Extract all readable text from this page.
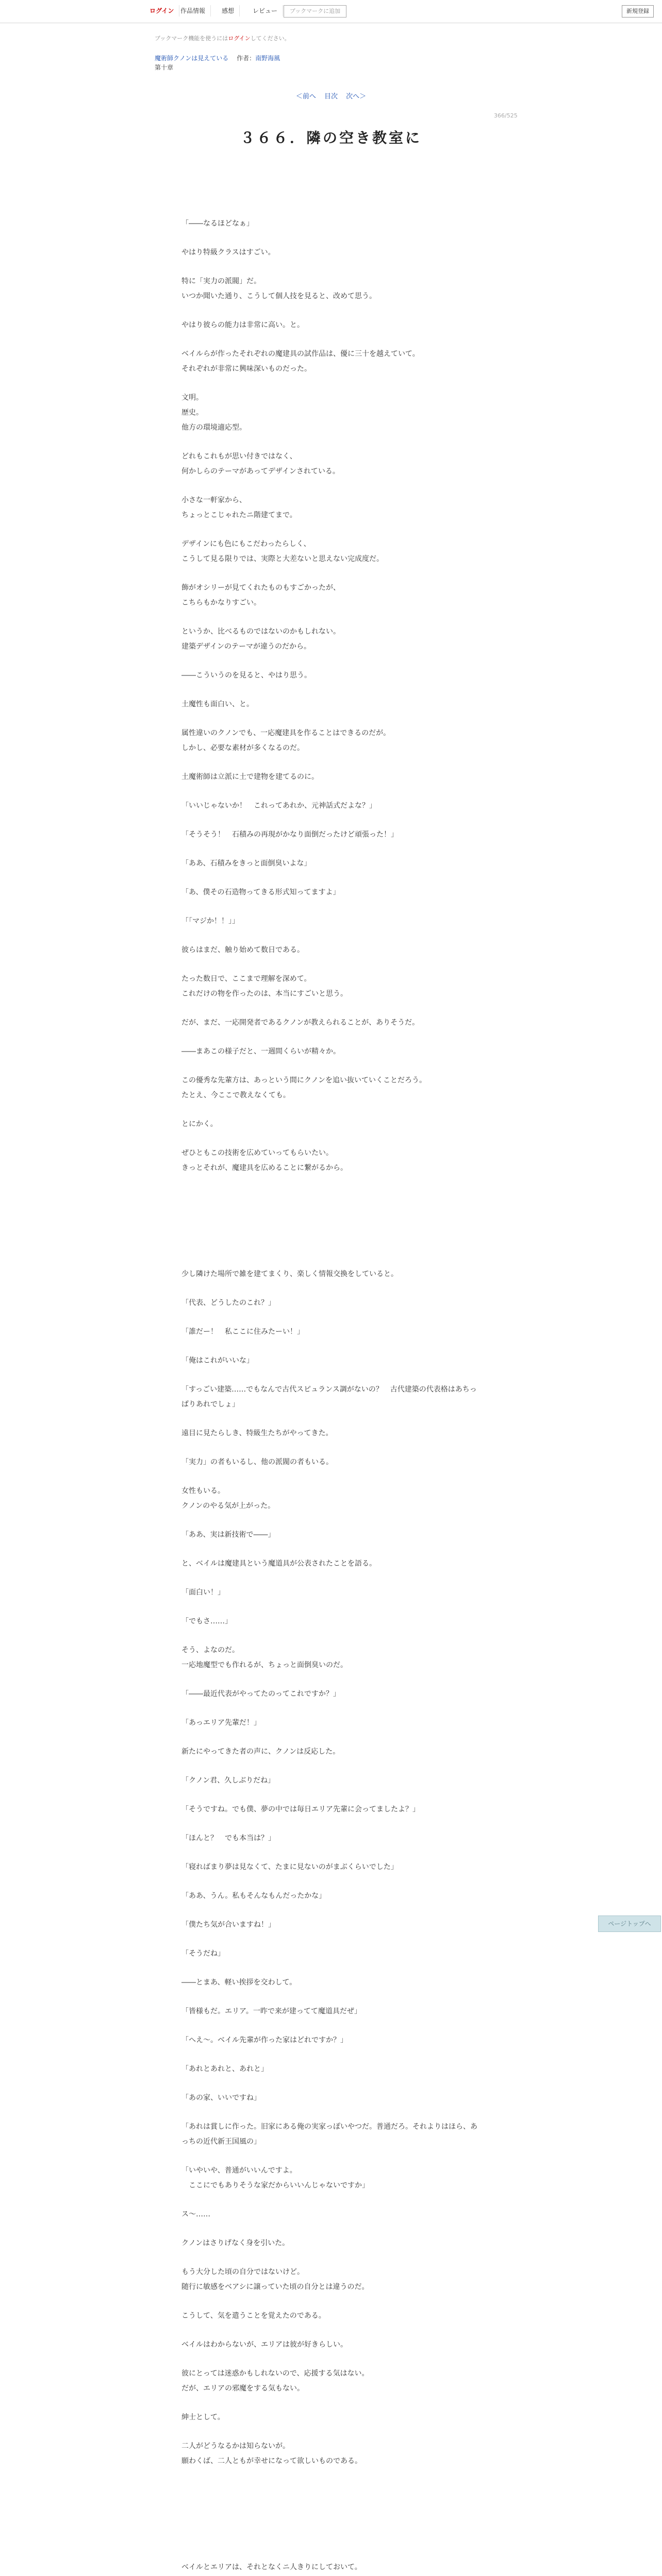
ログイン	作品情報	感想	レビュー	ブックマークに追加	新規登録
ブックマーク機能を使うにはログインしてください。
魔術師クノンは見えている 作者：南野海風
第十章
＜前へ 目次 次へ＞
366/525
３６６．隣の空き教室に

「――なるほどなぁ」

やはり特級クラスはすごい。

特に「実力の派閥」だ。
いつか聞いた通り、こうして個人技を見ると、改めて思う。

やはり彼らの能力は非常に高い。と。

ベイルらが作ったそれぞれの魔建具の試作品は、優に三十を越えていて。
それぞれが非常に興味深いものだった。

文明。
歴史。
他方の環境適応型。

どれもこれもが思い付きではなく、
何かしらのテーマがあってデザインされている。

小さな一軒家から、
ちょっとこじゃれたニ階建てまで。

デザインにも色にもこだわったらしく、
こうして見る限りでは、実際と大差ないと思えない完成度だ。

飾がオシリーが見てくれたものもすごかったが、
こちらもかなりすごい。

というか、比べるものではないのかもしれない。
建築デザインのテーマが違うのだから。

――こういうのを見ると、やはり思う。

土魔性も面白い、と。

属性違いのクノンでも、一応魔建具を作ることはできるのだが。
しかし、必要な素材が多くなるのだ。

土魔術師は立派に土で建物を建てるのに。

「いいじゃないか！　これってあれか、元神話式だよな？」

「そうそう！　石積みの再現がかなり面倒だったけど頑張った！」

「ああ、石積みをきっと面倒臭いよな」

「あ、僕その石造物ってきる形式知ってますよ」

「「マジか！！」」

彼らはまだ、触り始めて数日である。

たった数日で、ここまで理解を深めて。
これだけの物を作ったのは、本当にすごいと思う。

だが、まだ、一応開発者であるクノンが教えられることが、ありそうだ。

――まあこの様子だと、一週間くらいが精々か。

この優秀な先輩方は、あっという間にクノンを追い抜いていくことだろう。
たとえ、今ここで教えなくても。

とにかく。

ぜひともこの技術を広めていってもらいたい。
きっとそれが、魔建具を広めることに繋がるから。

少し隣けた場所で雑を建てまくり、楽しく情報交換をしていると。

「代表、どうしたのこれ？」

「誰だー！　私ここに住みたーい！」

「俺はこれがいいな」

「すっごい建築……でもなんで古代スピュランス調がないの？　古代建築の代表格はあちっぱりあれでしょ」

遠目に見たらしき、特級生たちがやってきた。

「実力」の者もいるし、他の派閥の者もいる。

女性もいる。
クノンのやる気が上がった。

「ああ、実は新技術で――」

と、ベイルは魔建具という魔道具が公表されたことを語る。

「面白い！」

「でもさ……」

そう、よなのだ。
一応地魔型でも作れるが、ちょっと面倒臭いのだ。

「――最近代表がやってたのってこれですか？」

「あっエリア先輩だ！」

新たにやってきた者の声に、クノンは反応した。

「クノン君、久しぶりだね」

「そうですね。でも僕、夢の中では毎日エリア先輩に会ってましたよ？」

「ほんと？　でも本当は？」

「寝ればまり夢は見なくて、たまに見ないのがまぶくらいでした」

「ああ、うん。私もそんなもんだったかな」

「僕たち気が合いますね！」

「そうだね」

――とまあ、軽い挨拶を交わして。

「皆様もだ。エリア。一昨で来が建ってて魔道具だぜ」

「へえ～。ベイル先輩が作った家はどれですか？」

「あれとあれと、あれと」

「あの家、いいですね」

「あれは賞しに作った。旧家にある俺の実家っぽいやつだ。普通だろ。それよりはほら、あっちの近代新王国風の」

「いやいや、普通がいいんですよ。
　ここにでもありそうな家だからいいんじゃないですか」

ス～……

クノンはさりげなく身を引いた。

もう大分した頃の自分ではないけど。
随行に敏感をベアシに譲っていた頃の自分とは違うのだ。

こうして、気を遣うことを覚えたのである。

ベイルはわからないが、エリアは彼が好きらしい。

彼にとっては迷惑かもしれないので、応援する気はない。
だが、エリアの邪魔をする気もない。

紳士として。

二人がどうなるかは知らないが。
願わくば、二人ともが幸せになって欲しいものである。

ベイルとエリアは、それとなくニ人きりにしておいて。

ページトップへ
